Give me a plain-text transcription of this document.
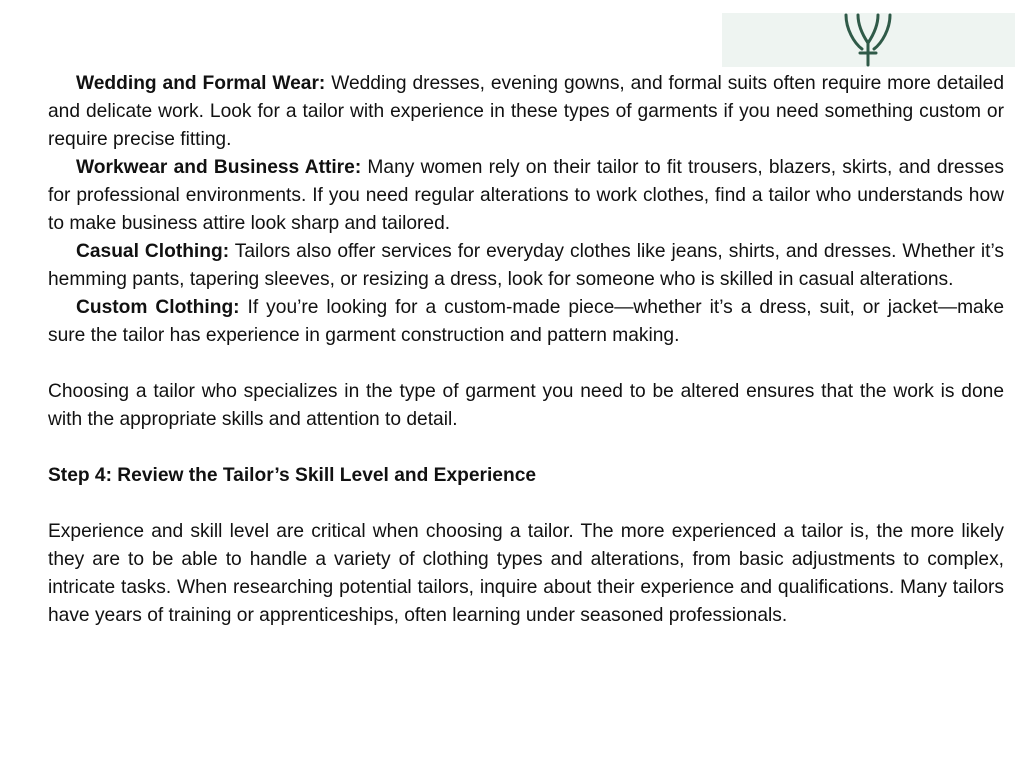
Wedding and Formal Wear: Wedding dresses, evening gowns, and formal suits often require more detailed and delicate work. Look for a tailor with experience in these types of garments if you need something custom or require precise fitting.

Workwear and Business Attire: Many women rely on their tailor to fit trousers, blazers, skirts, and dresses for professional environments. If you need regular alterations to work clothes, find a tailor who understands how to make business attire look sharp and tailored.

Casual Clothing: Tailors also offer services for everyday clothes like jeans, shirts, and dresses. Whether it’s hemming pants, tapering sleeves, or resizing a dress, look for someone who is skilled in casual alterations.

Custom Clothing: If you’re looking for a custom-made piece—whether it’s a dress, suit, or jacket—make sure the tailor has experience in garment construction and pattern making.

Choosing a tailor who specializes in the type of garment you need to be altered ensures that the work is done with the appropriate skills and attention to detail.

Step 4: Review the Tailor’s Skill Level and Experience

Experience and skill level are critical when choosing a tailor. The more experienced a tailor is, the more likely they are to be able to handle a variety of clothing types and alterations, from basic adjustments to complex, intricate tasks. When researching potential tailors, inquire about their experience and qualifications. Many tailors have years of training or apprenticeships, often learning under seasoned professionals.
